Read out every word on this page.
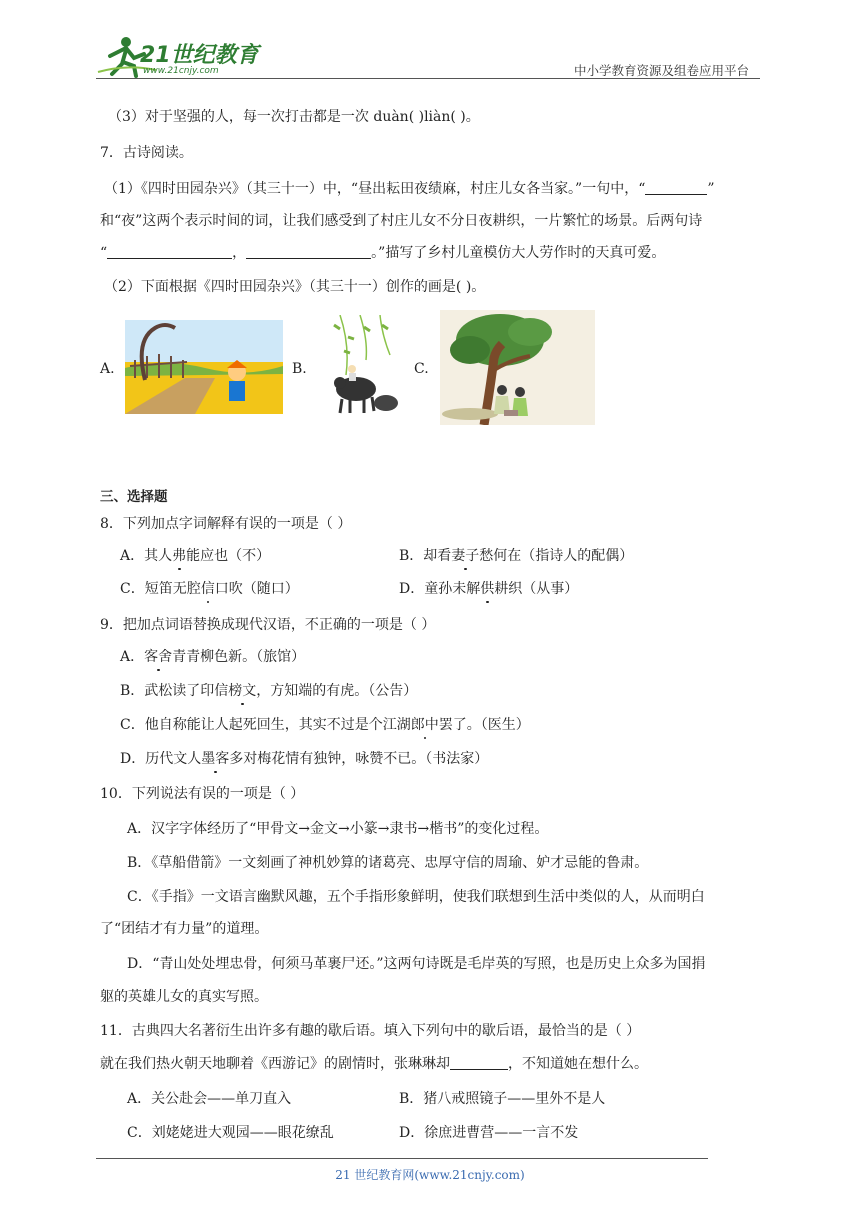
21世纪教育
www.21cnjy.com	中小学教育资源及组卷应用平台
（3）对于坚强的人，每一次打击都是一次 duàn( )liàn( )。
7．古诗阅读。
（1）《四时田园杂兴》（其三十一）中，“昼出耘田夜绩麻，村庄儿女各当家。”一句中，“	”
和“夜”这两个表示时间的词，让我们感受到了村庄儿女不分日夜耕织，一片繁忙的场景。后两句诗
“	，	。”描写了乡村儿童模仿大人劳作时的天真可爱。
（2）下面根据《四时田园杂兴》（其三十一）创作的画是( )。
A.	B.	C.
三、选择题
8．下列加点字词解释有误的一项是（ ）
A．其人弗能应也（不）	B．却看妻子愁何在（指诗人的配偶）
C．短笛无腔信口吹（随口）	D．童孙未解供耕织（从事）
9．把加点词语替换成现代汉语，不正确的一项是（ ）
A．客舍青青柳色新。（旅馆）
B．武松读了印信榜文，方知端的有虎。（公告）
C．他自称能让人起死回生，其实不过是个江湖郎中罢了。（医生）
D．历代文人墨客多对梅花情有独钟，咏赞不已。（书法家）
10．下列说法有误的一项是（ ）
A．汉字字体经历了“甲骨文→金文→小篆→隶书→楷书”的变化过程。
B．《草船借箭》一文刻画了神机妙算的诸葛亮、忠厚守信的周瑜、妒才忌能的鲁肃。
C．《手指》一文语言幽默风趣，五个手指形象鲜明，使我们联想到生活中类似的人，从而明白
了“团结才有力量”的道理。
D．“青山处处埋忠骨，何须马革裹尸还。”这两句诗既是毛岸英的写照，也是历史上众多为国捐
躯的英雄儿女的真实写照。
11．古典四大名著衍生出许多有趣的歇后语。填入下列句中的歇后语，最恰当的是（ ）
就在我们热火朝天地聊着《西游记》的剧情时，张琳琳却	，不知道她在想什么。
A．关公赴会——单刀直入	B．猪八戒照镜子——里外不是人
C．刘姥姥进大观园——眼花缭乱	D．徐庶进曹营——一言不发
21 世纪教育网(www.21cnjy.com)
